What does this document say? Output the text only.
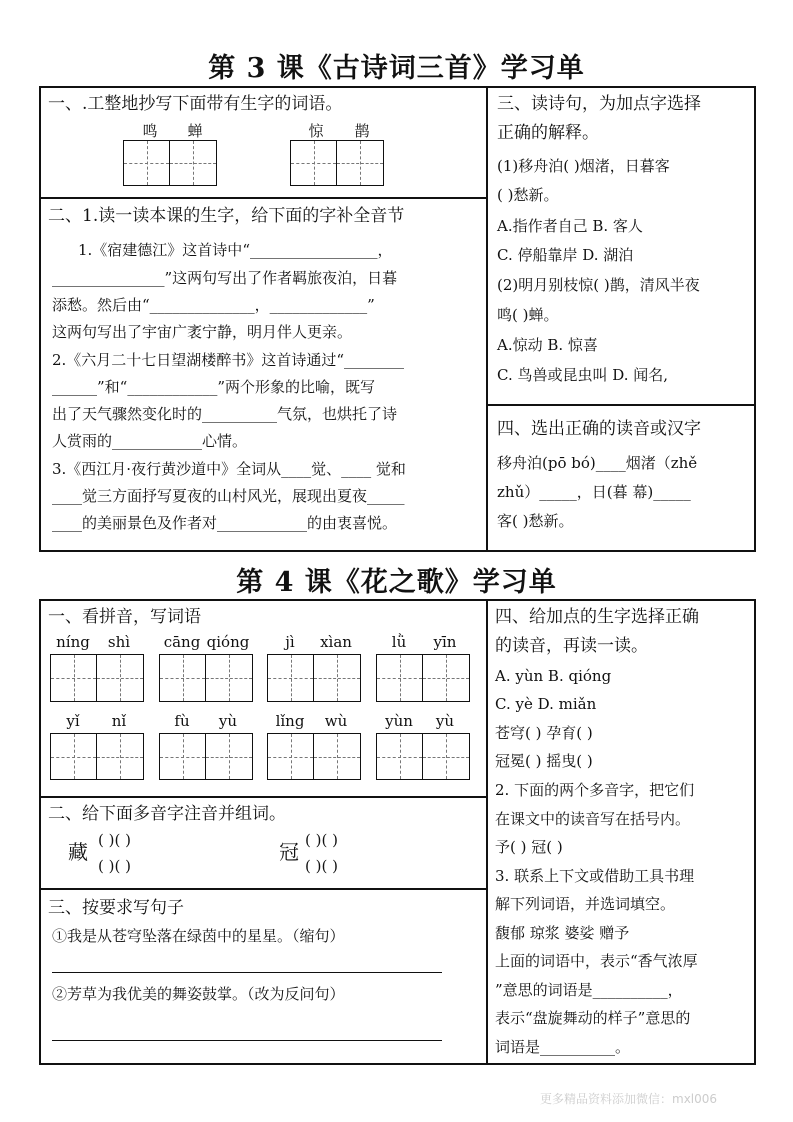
第 3 课《古诗词三首》学习单
一、.工整地抄写下面带有生字的词语。
鸣	蝉	惊	鹊
二、1.读一读本课的生字，给下面的字补全音节
1.《宿建德江》这首诗中“_________________，
_______________”这两句写出了作者羁旅夜泊，日暮
添愁。然后由“______________，_____________”
这两句写出了宇宙广袤宁静，明月伴人更亲。
2.《六月二十七日望湖楼醉书》这首诗通过“________
______”和“____________”两个形象的比喻，既写
出了天气骤然变化时的__________气氛，也烘托了诗
人赏雨的____________心情。
3.《西江月·夜行黄沙道中》全词从____觉、____ 觉和
____觉三方面抒写夏夜的山村风光，展现出夏夜_____
____的美丽景色及作者对____________的由衷喜悦。
三、读诗句，为加点字选择
正确的解释。
(1)移舟泊( )烟渚，日暮客
( )愁新。
A.指作者自己 B. 客人
C. 停船靠岸 D. 湖泊
(2)明月别枝惊( )鹊，清风半夜
鸣( )蝉。
A.惊动 B. 惊喜
C. 鸟兽或昆虫叫 D. 闻名,
四、选出正确的读音或汉字
移舟泊(pō bó)____烟渚（zhě
zhǔ）_____，日(暮 幕)_____
客( )愁新。
第 4 课《花之歌》学习单
一、看拼音，写词语
níng	shì	cāng qióng	jì	xìan	lǜ	yīn
yǐ	nǐ	fù	yù	lǐng	wù	yùn	yù
二、给下面多音字注音并组词。
藏 ( )( )
( )( )
冠 ( )( )
( )( )
三、按要求写句子
①我是从苍穹坠落在绿茵中的星星。（缩句）
②芳草为我优美的舞姿鼓掌。（改为反问句）
四、给加点的生字选择正确
的读音，再读一读。
A. yùn B. qióng
C. yè D. miǎn
苍穹( ) 孕育( )
冠冕( ) 摇曳( )
2. 下面的两个多音字，把它们
在课文中的读音写在括号内。
予( ) 冠( )
3. 联系上下文或借助工具书理
解下列词语，并选词填空。
馥郁 琼浆 婆娑 赠予
上面的词语中，表示“香气浓厚
”意思的词语是__________，
表示“盘旋舞动的样子”意思的
词语是__________。
更多精品资料添加微信：mxl006
